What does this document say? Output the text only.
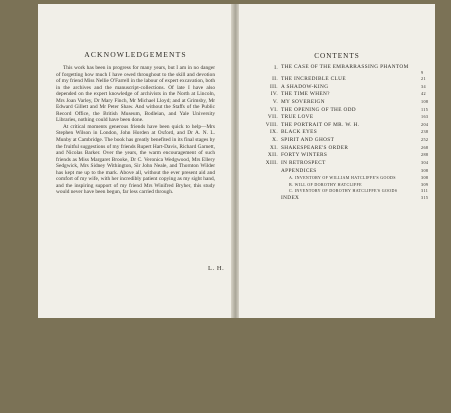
ACKNOWLEDGEMENTS

This work has been in progress for many years, but I am in no danger of forgetting how much I have owed throughout to the skill and devotion of my friend Miss Nellie O'Farrell in the labour of expert excavation, both in the archives and the manuscript-collections. Of late I have also depended on the expert knowledge of archivists in the North at Lincoln, Mrs Joan Varley, Dr Mary Finch, Mr Michael Lloyd; and at Grimsby, Mr Edward Gillett and Mr Peter Shaw. And without the Staffs of the Public Record Office, the British Museum, Bodleian, and Yale University Libraries, nothing could have been done.

At critical moments generous friends have been quick to help—Mrs Stephen Wilson in London, John Horden at Oxford, and Dr A. N. L. Munby at Cambridge. The book has greatly benefited in its final stages by the fruitful suggestions of my friends Rupert Hart-Davis, Richard Garnett, and Nicolas Barker. Over the years, the warm encouragement of such friends as Miss Margaret Brooke, Dr C. Veronica Wedgwood, Mrs Ellery Sedgwick, Mrs Sidney Withington, Sir John Neale, and Thornton Wilder has kept me up to the mark. Above all, without the ever present aid and comfort of my wife, with her incredibly patient copying as my sight hand, and the inspiring support of my friend Mrs Winifred Bryher, this study would never have been begun, far less carried through.

L. H.
CONTENTS
I. THE CASE OF THE EMBARRASSING PHANTOM
9
II. THE INCREDIBLE CLUE	21
III. A SHADOW-KING	34
IV. THE TIME WHEN?	42
V. MY SOVEREIGN	108
VI. THE OPENING OF THE ODD	115
VII. TRUE LOVE	163
VIII. THE PORTRAIT OF MR. W. H.	204
IX. BLACK EYES	238
X. SPIRIT AND GHOST	252
XI. SHAKESPEARE'S ORDER	268
XII. FORTY WINTERS	288
XIII. IN RETROSPECT	304
APPENDICES	308
A. INVENTORY OF WILLIAM HATCLIFFE'S GOODS	308
B. WILL OF DOROTHY HATCLIFFE	309
C. INVENTORY OF DOROTHY HATCLIFFE'S GOODS	311
INDEX	315
